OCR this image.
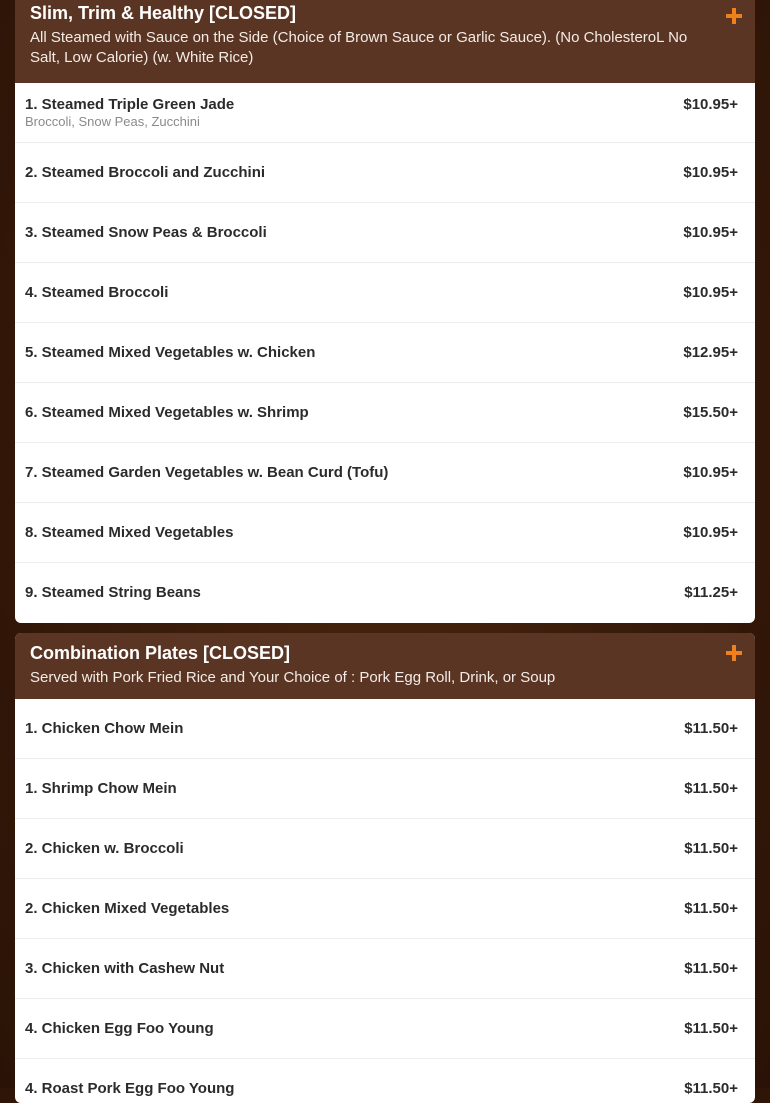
Slim, Trim & Healthy [CLOSED]
All Steamed with Sauce on the Side (Choice of Brown Sauce or Garlic Sauce). (No CholesteroL No Salt, Low Calorie) (w. White Rice)
1. Steamed Triple Green Jade
Broccoli, Snow Peas, Zucchini
$10.95+
2. Steamed Broccoli and Zucchini	$10.95+
3. Steamed Snow Peas & Broccoli	$10.95+
4. Steamed Broccoli	$10.95+
5. Steamed Mixed Vegetables w. Chicken	$12.95+
6. Steamed Mixed Vegetables w. Shrimp	$15.50+
7. Steamed Garden Vegetables w. Bean Curd (Tofu)	$10.95+
8. Steamed Mixed Vegetables	$10.95+
9. Steamed String Beans	$11.25+
Combination Plates [CLOSED]
Served with Pork Fried Rice and Your Choice of : Pork Egg Roll, Drink, or Soup
1. Chicken Chow Mein	$11.50+
1. Shrimp Chow Mein	$11.50+
2. Chicken w. Broccoli	$11.50+
2. Chicken Mixed Vegetables	$11.50+
3. Chicken with Cashew Nut	$11.50+
4. Chicken Egg Foo Young	$11.50+
4. Roast Pork Egg Foo Young	$11.50+
